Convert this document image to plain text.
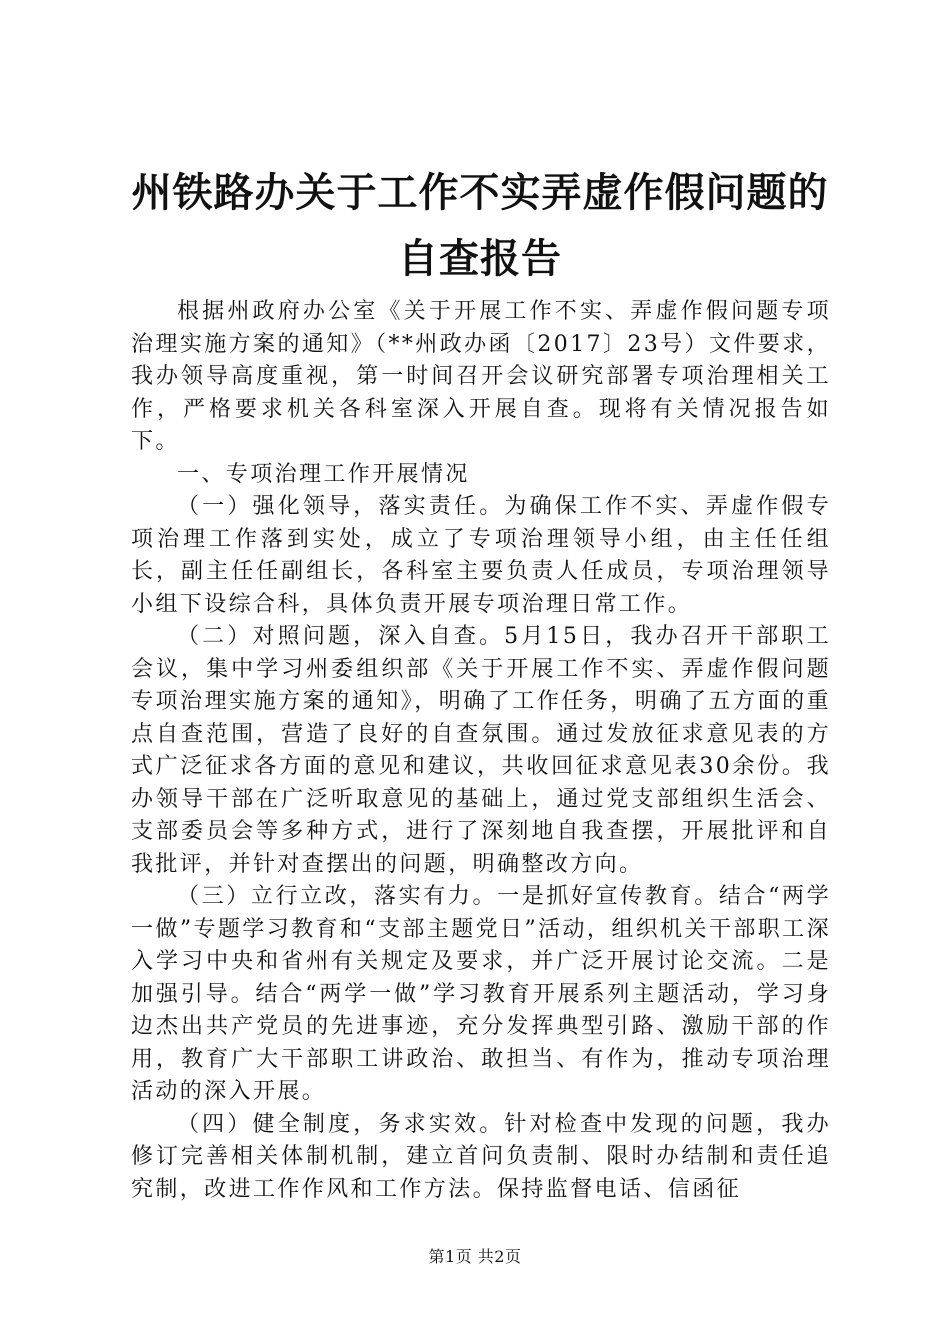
州铁路办关于工作不实弄虚作假问题的自查报告

根据州政府办公室《关于开展工作不实、弄虚作假问题专项治理实施方案的通知》（**州政办函〔2017〕23号）文件要求，我办领导高度重视，第一时间召开会议研究部署专项治理相关工作，严格要求机关各科室深入开展自查。现将有关情况报告如下。

一、专项治理工作开展情况

（一）强化领导，落实责任。为确保工作不实、弄虚作假专项治理工作落到实处，成立了专项治理领导小组，由主任任组长，副主任任副组长，各科室主要负责人任成员，专项治理领导小组下设综合科，具体负责开展专项治理日常工作。

（二）对照问题，深入自查。5月15日，我办召开干部职工会议，集中学习州委组织部《关于开展工作不实、弄虚作假问题专项治理实施方案的通知》，明确了工作任务，明确了五方面的重点自查范围，营造了良好的自查氛围。通过发放征求意见表的方式广泛征求各方面的意见和建议，共收回征求意见表30余份。我办领导干部在广泛听取意见的基础上，通过党支部组织生活会、支部委员会等多种方式，进行了深刻地自我查摆，开展批评和自我批评，并针对查摆出的问题，明确整改方向。

（三）立行立改，落实有力。一是抓好宣传教育。结合“两学一做”专题学习教育和“支部主题党日”活动，组织机关干部职工深入学习中央和省州有关规定及要求，并广泛开展讨论交流。二是加强引导。结合“两学一做”学习教育开展系列主题活动，学习身边杰出共产党员的先进事迹，充分发挥典型引路、激励干部的作用，教育广大干部职工讲政治、敢担当、有作为，推动专项治理活动的深入开展。

（四）健全制度，务求实效。针对检查中发现的问题，我办修订完善相关体制机制，建立首问负责制、限时办结制和责任追究制，改进工作作风和工作方法。保持监督电话、信函征

第1页 共2页
